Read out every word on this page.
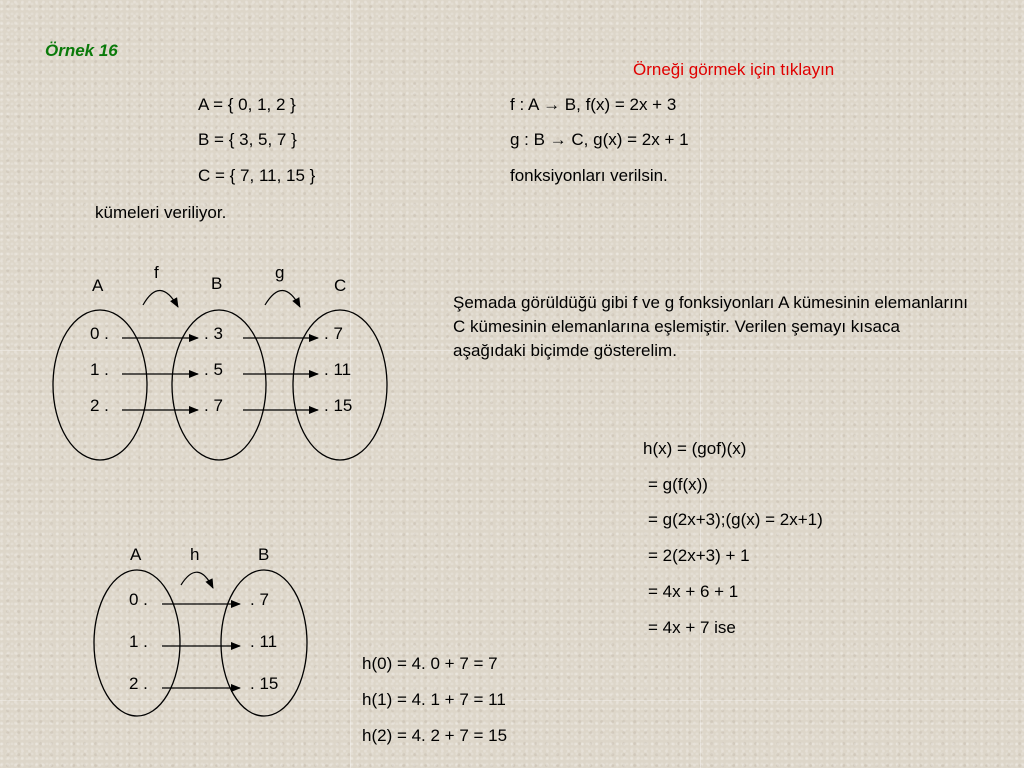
Örnek 16
Örneği görmek için tıklayın
A = { 0, 1, 2 }
B = { 3, 5, 7 }
C = { 7, 11, 15 }
kümeleri veriliyor.
f : A → B, f(x) = 2x + 3
g : B → C, g(x) = 2x + 1
fonksiyonları verilsin.
A	B	C
f	g
0 .
1 .
2 .
. 3
. 5
. 7
. 7
. 11
. 15
Şemada görüldüğü gibi f ve g fonksiyonları A kümesinin elemanlarını C kümesinin elemanlarına eşlemiştir. Verilen şemayı kısaca aşağıdaki biçimde gösterelim.
h(x) = (gof)(x)
= g(f(x))
= g(2x+3);(g(x) = 2x+1)
= 2(2x+3) + 1
= 4x + 6 + 1
= 4x + 7 ise
A	B
h
0 .
1 .
2 .
. 7
. 11
. 15
h(0) = 4. 0 + 7 = 7
h(1) = 4. 1 + 7 = 11
h(2) = 4. 2 + 7 = 15
